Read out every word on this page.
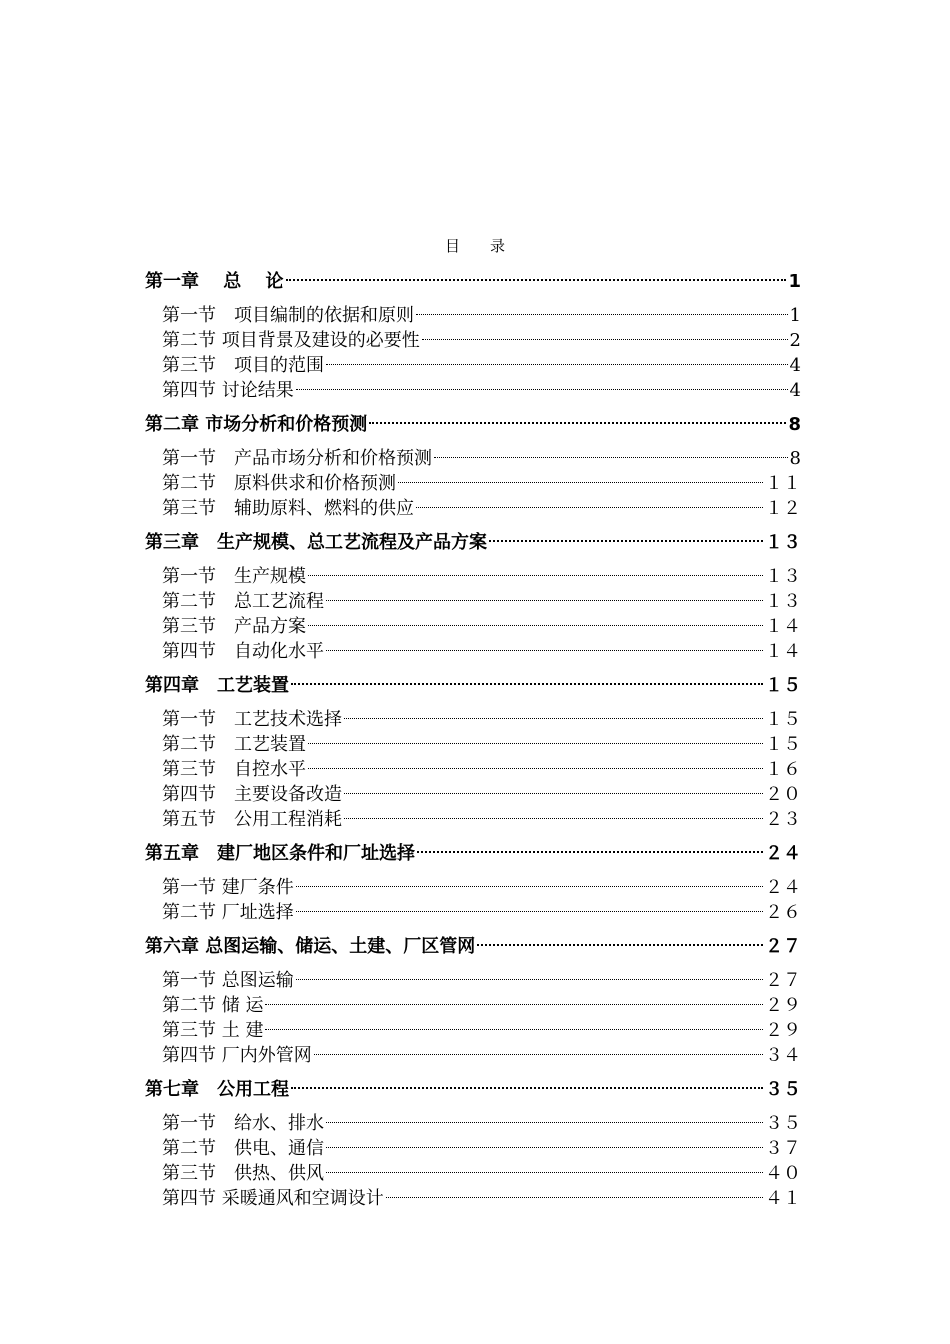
目录
第一章　 总　 论	1
第一节　项目编制的依据和原则	1
第二节 项目背景及建设的必要性	2
第三节　项目的范围	4
第四节 讨论结果	4
第二章 市场分析和价格预测	8
第一节　产品市场分析和价格预测	8
第二节　原料供求和价格预测	１１
第三节　辅助原料、燃料的供应	１２
第三章　生产规模、总工艺流程及产品方案	１３
第一节　生产规模	１３
第二节　总工艺流程	１３
第三节　产品方案	１４
第四节　自动化水平	１４
第四章　工艺装置	１５
第一节　工艺技术选择	１５
第二节　工艺装置	１５
第三节　自控水平	１６
第四节　主要设备改造	２０
第五节　公用工程消耗	２３
第五章　建厂地区条件和厂址选择	２４
第一节 建厂条件	２４
第二节 厂址选择	２６
第六章 总图运输、储运、土建、厂区管网	２７
第一节 总图运输	２７
第二节 储 运	２９
第三节 土 建	２９
第四节 厂内外管网	３４
第七章　公用工程	３５
第一节　给水、排水	３５
第二节　供电、通信	３７
第三节　供热、供风	４０
第四节 采暖通风和空调设计	４１
